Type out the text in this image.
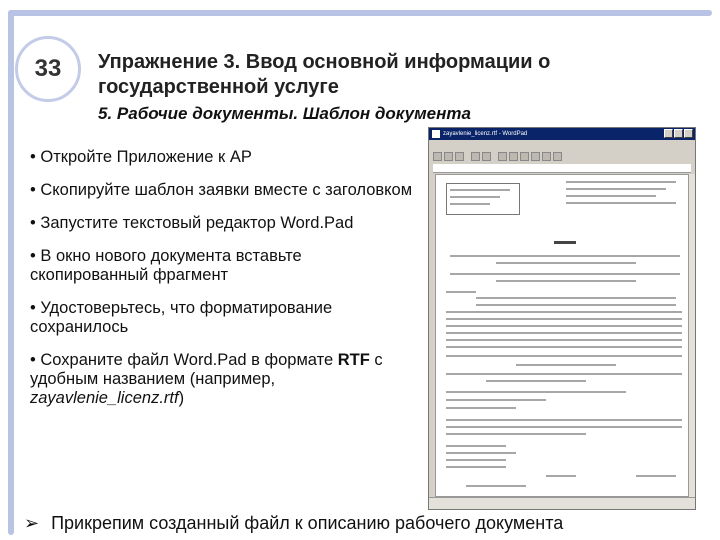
33 Упражнение 3. Ввод основной информации о государственной услуге
5. Рабочие документы. Шаблон документа
• Откройте Приложение к АР
• Скопируйте шаблон заявки вместе с заголовком
• Запустите текстовый редактор Word.Pad
• В окно нового документа вставьте скопированный фрагмент
• Удостоверьтесь, что форматирование сохранилось
• Сохраните файл Word.Pad в формате RTF с удобным названием (например, zayavlenie_licenz.rtf)
➢ Прикрепим созданный файл к описанию рабочего документа
zayavlenie_licenz.rtf - WordPad
